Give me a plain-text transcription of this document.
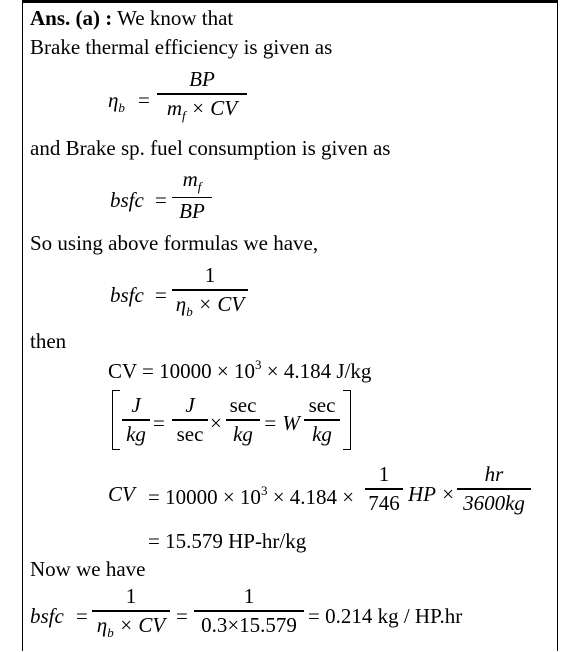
Ans. (a) : We know that
Brake thermal efficiency is given as
$\eta_b$ =
BP
$m_f$ × CV
and Brake sp. fuel consumption is given as
bsfc =
$m_f$
BP
So using above formulas we have,
bsfc =
1
$\eta_b$ × CV
then
CV = $10000 \times 10^3 \times 4.184$ J/kg
J
kg =
J
sec ×
sec
kg = W
sec
kg
CV = $10000 \times 10^3 \times 4.184$ ×
1
746 HP ×
hr
3600kg
= 15.579 HP-hr/kg
Now we have
bsfc =
1
$\eta_b$ × CV =
1
0.3×15.579 = 0.214 kg / HP.hr
